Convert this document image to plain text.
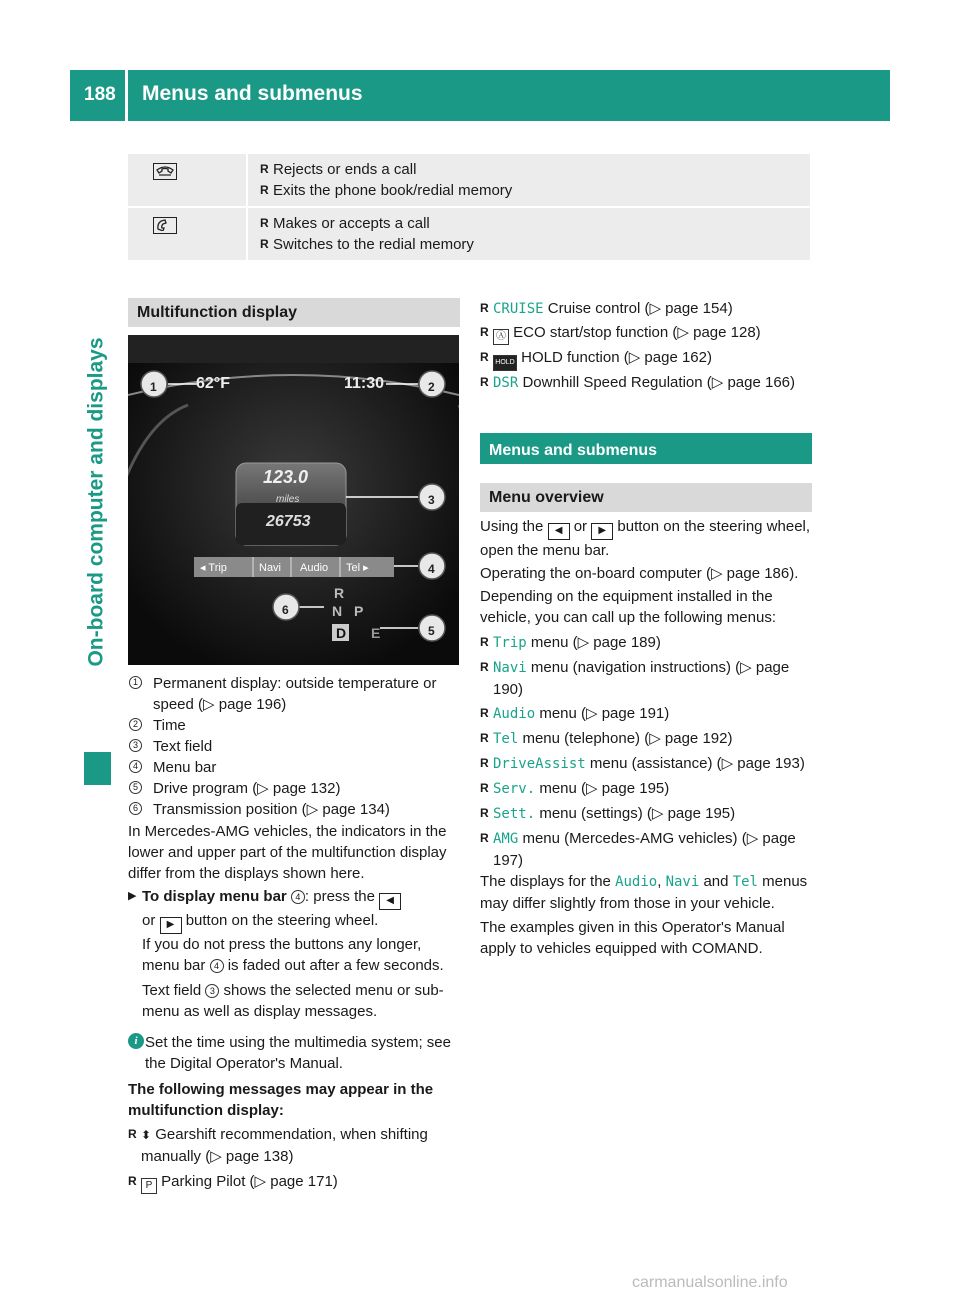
188 Menus and submenus
On-board computer and displays
R Rejects or ends a call
R Exits the phone book/redial memory
R Makes or accepts a call
R Switches to the redial memory
Multifunction display
62°F	11:30
123.0
miles
26753
◂ Trip	Navi Audio Tel ▸
R
N P
D E
1	2
3
4
5
6
1 Permanent display: outside temperature or speed (▷ page 196)
2 Time
3 Text field
4 Menu bar
5 Drive program (▷ page 132)
6 Transmission position (▷ page 134)

In Mercedes-AMG vehicles, the indicators in the lower and upper part of the multifunction display differ from the displays shown here.

▶ To display menu bar 4 : press the ◀
or ▶ button on the steering wheel.
If you do not press the buttons any longer, menu bar 4 is faded out after a few seconds.
Text field 3 shows the selected menu or sub-menu as well as display messages.
i Set the time using the multimedia system; see the Digital Operator's Manual.

The following messages may appear in the multifunction display:

R ⬍ Gearshift recommendation, when shifting manually (▷ page 138)
R P Parking Pilot (▷ page 171)
R CRUISE Cruise control (▷ page 154)
R Ⓐ ECO start/stop function (▷ page 128)
R HOLD HOLD function (▷ page 162)
R DSR Downhill Speed Regulation (▷ page 166)
Menus and submenus
Menu overview

Using the ◀ or ▶ button on the steering wheel, open the menu bar.

Operating the on-board computer (▷ page 186).

Depending on the equipment installed in the vehicle, you can call up the following menus:

R Trip menu (▷ page 189)
R Navi menu (navigation instructions) (▷ page 190)
R Audio menu (▷ page 191)
R Tel menu (telephone) (▷ page 192)
R DriveAssist menu (assistance) (▷ page 193)
R Serv. menu (▷ page 195)
R Sett. menu (settings) (▷ page 195)
R AMG menu (Mercedes-AMG vehicles) (▷ page 197)

The displays for the Audio, Navi and Tel menus may differ slightly from those in your vehicle.

The examples given in this Operator's Manual apply to vehicles equipped with COMAND.

carmanualsonline.info
